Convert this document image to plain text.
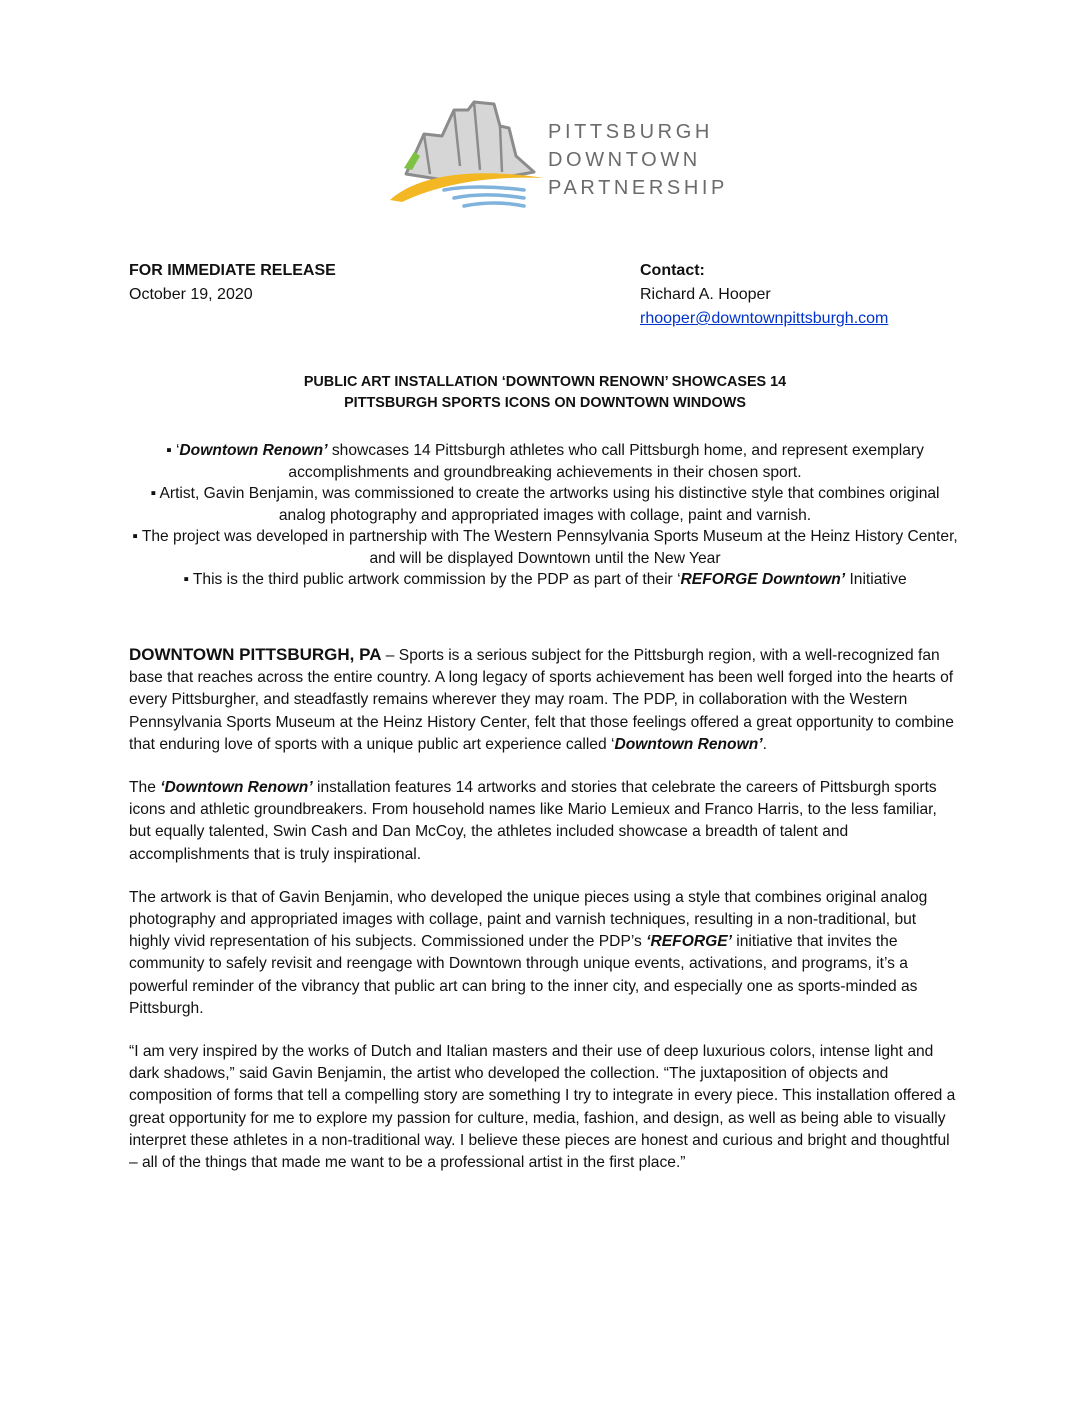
PITTSBURGH
DOWNTOWN
PARTNERSHIP
FOR IMMEDIATE RELEASE
October 19, 2020
Contact:
Richard A. Hooper
rhooper@downtownpittsburgh.com
PUBLIC ART INSTALLATION ‘DOWNTOWN RENOWN’ SHOWCASES 14
PITTSBURGH SPORTS ICONS ON DOWNTOWN WINDOWS

▪ ‘Downtown Renown’ showcases 14 Pittsburgh athletes who call Pittsburgh home, and represent exemplary accomplishments and groundbreaking achievements in their chosen sport.

▪ Artist, Gavin Benjamin, was commissioned to create the artworks using his distinctive style that combines original analog photography and appropriated images with collage, paint and varnish.

▪ The project was developed in partnership with The Western Pennsylvania Sports Museum at the Heinz History Center, and will be displayed Downtown until the New Year

▪ This is the third public artwork commission by the PDP as part of their ‘REFORGE Downtown’ Initiative

DOWNTOWN PITTSBURGH, PA – Sports is a serious subject for the Pittsburgh region, with a well-recognized fan base that reaches across the entire country. A long legacy of sports achievement has been well forged into the hearts of every Pittsburgher, and steadfastly remains wherever they may roam. The PDP, in collaboration with the Western Pennsylvania Sports Museum at the Heinz History Center, felt that those feelings offered a great opportunity to combine that enduring love of sports with a unique public art experience called ‘Downtown Renown’.

The ‘Downtown Renown’ installation features 14 artworks and stories that celebrate the careers of Pittsburgh sports icons and athletic groundbreakers. From household names like Mario Lemieux and Franco Harris, to the less familiar, but equally talented, Swin Cash and Dan McCoy, the athletes included showcase a breadth of talent and accomplishments that is truly inspirational.

The artwork is that of Gavin Benjamin, who developed the unique pieces using a style that combines original analog photography and appropriated images with collage, paint and varnish techniques, resulting in a non-traditional, but highly vivid representation of his subjects. Commissioned under the PDP’s ‘REFORGE’ initiative that invites the community to safely revisit and reengage with Downtown through unique events, activations, and programs, it’s a powerful reminder of the vibrancy that public art can bring to the inner city, and especially one as sports-minded as Pittsburgh.

“I am very inspired by the works of Dutch and Italian masters and their use of deep luxurious colors, intense light and dark shadows,” said Gavin Benjamin, the artist who developed the collection. “The juxtaposition of objects and composition of forms that tell a compelling story are something I try to integrate in every piece. This installation offered a great opportunity for me to explore my passion for culture, media, fashion, and design, as well as being able to visually interpret these athletes in a non-traditional way. I believe these pieces are honest and curious and bright and thoughtful – all of the things that made me want to be a professional artist in the first place.”
